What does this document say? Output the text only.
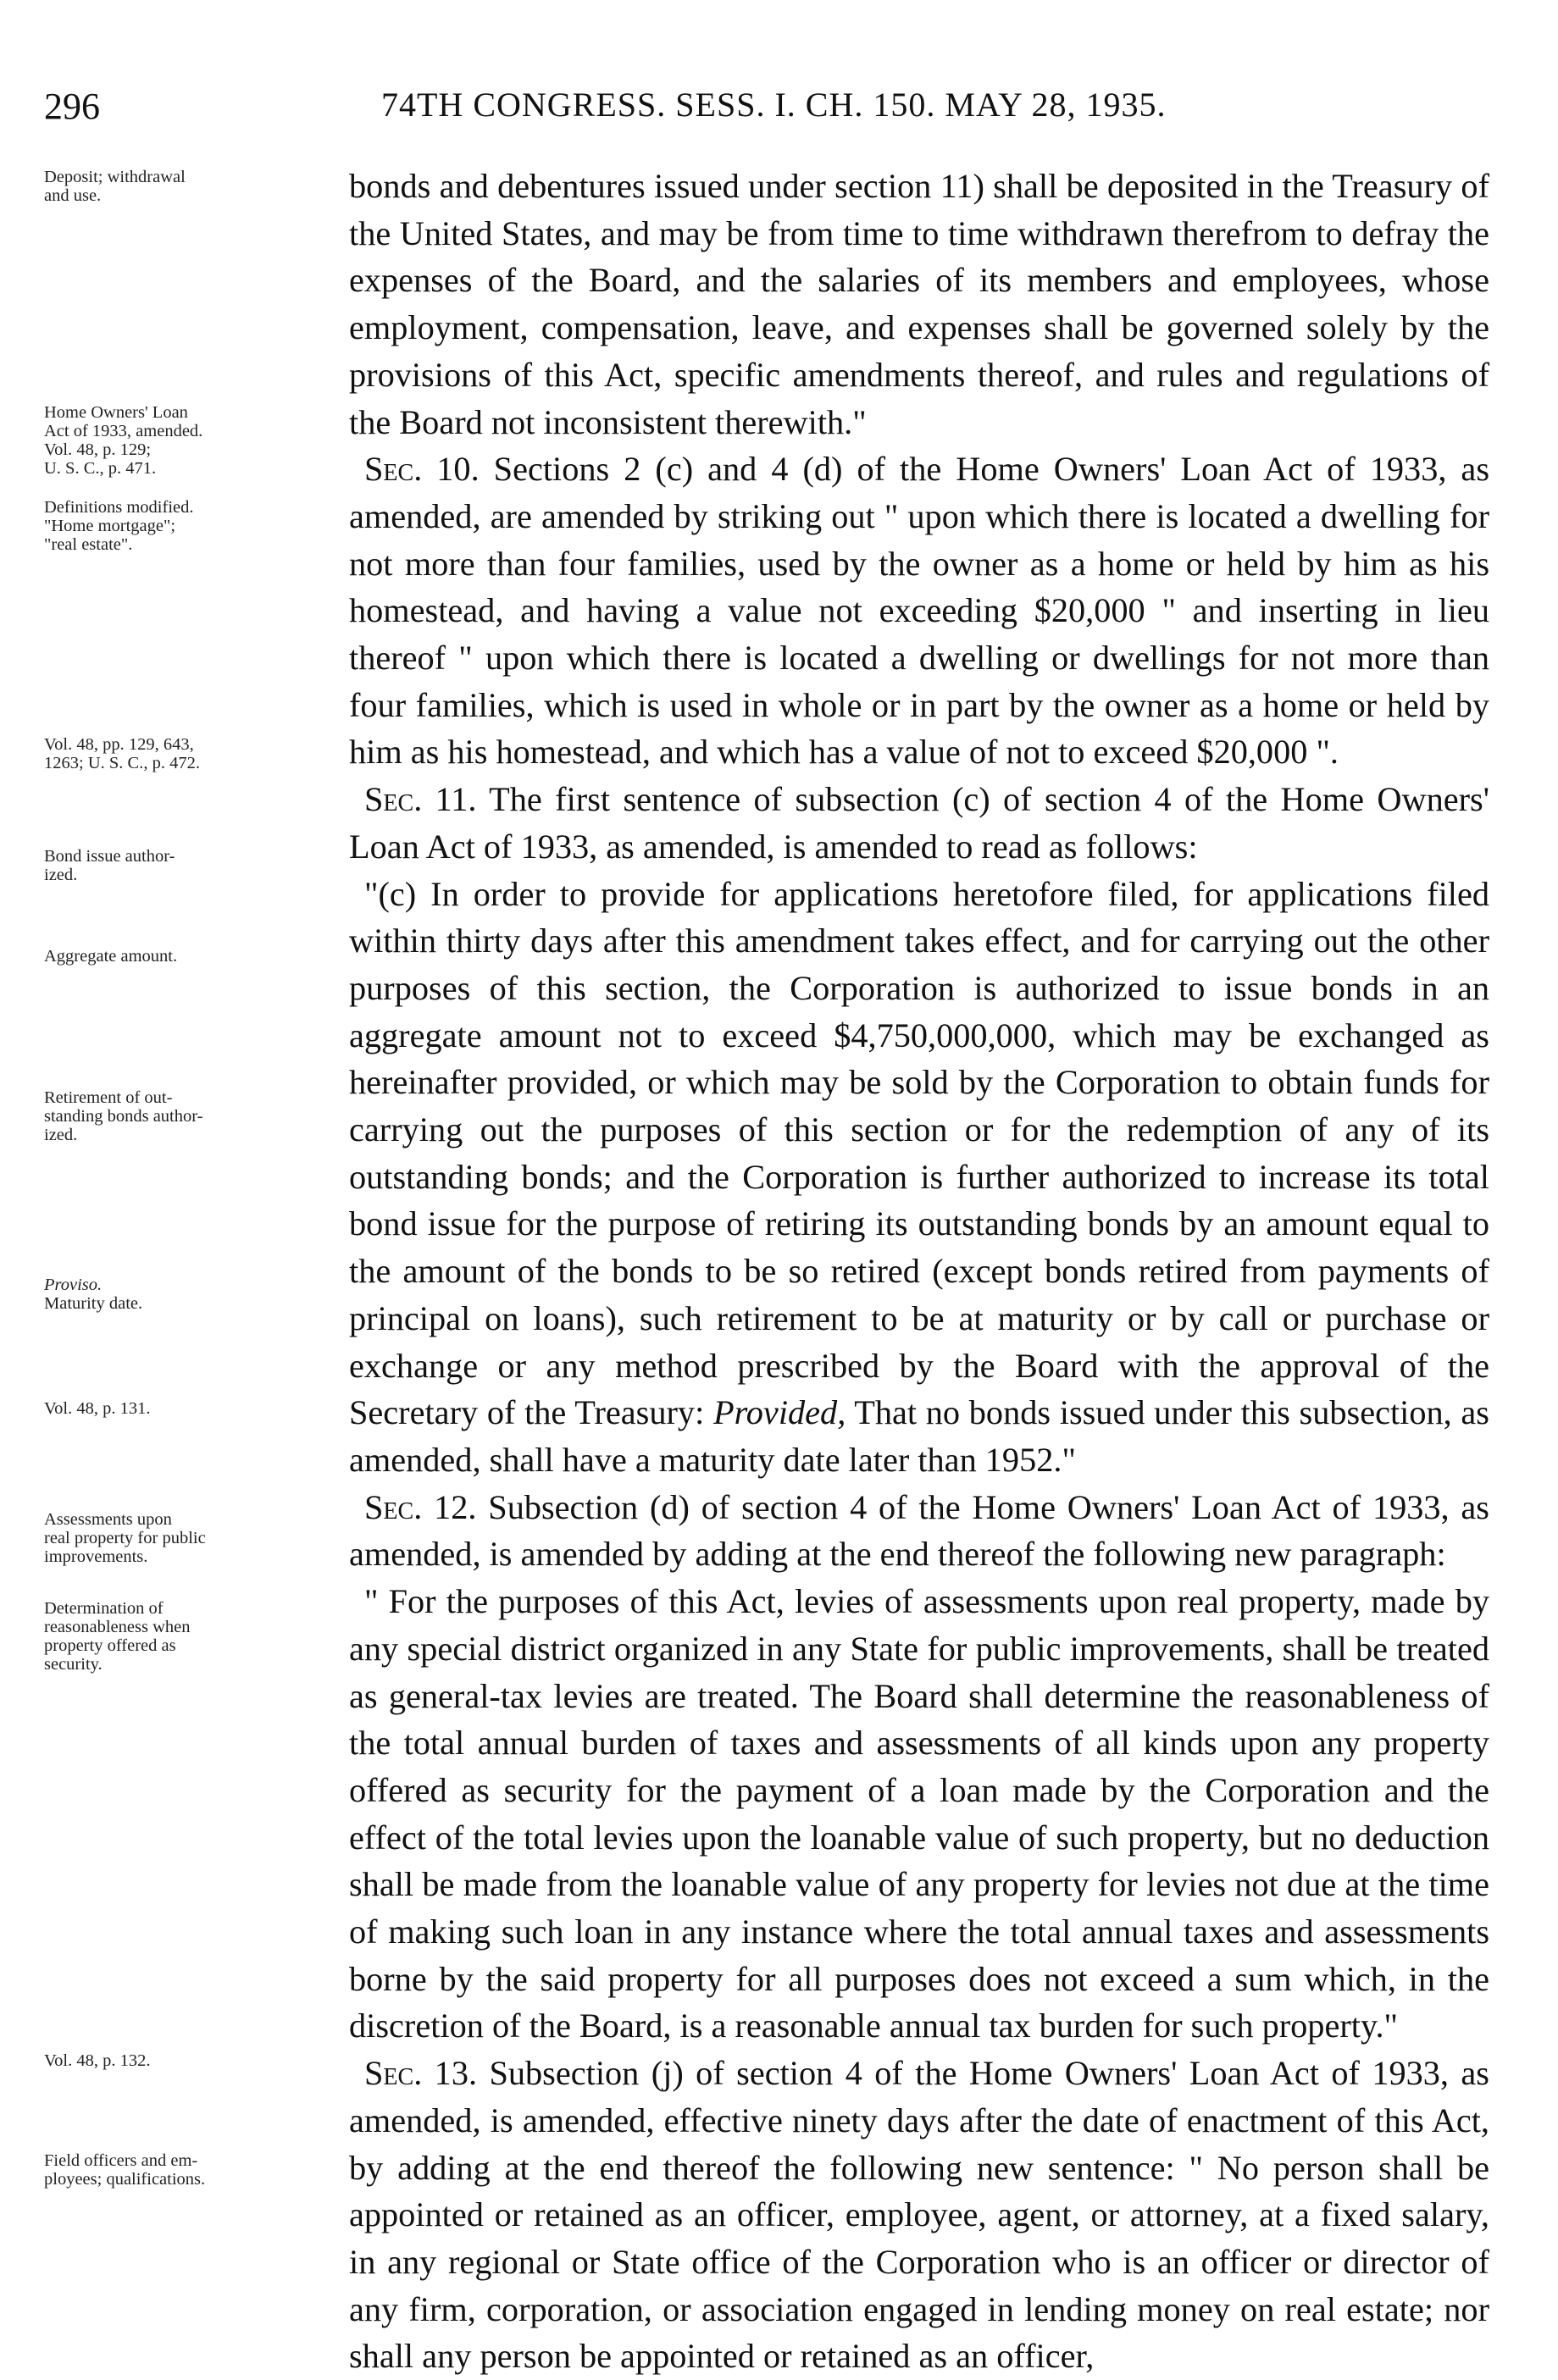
296	74TH CONGRESS. SESS. I. CH. 150. MAY 28, 1935.
Deposit; withdrawal
and use.
Home Owners' Loan
Act of 1933, amended.
Vol. 48, p. 129;
U. S. C., p. 471.
Definitions modified.
"Home mortgage";
"real estate".
Vol. 48, pp. 129, 643,
1263; U. S. C., p. 472.
Bond issue author-
ized.
Aggregate amount.
Retirement of out-
standing bonds author-
ized.
Proviso.
Maturity date.
Vol. 48, p. 131.
Assessments upon
real property for public
improvements.
Determination of
reasonableness when
property offered as
security.
Vol. 48, p. 132.
Field officers and em-
ployees; qualifications.

bonds and debentures issued under section 11) shall be deposited in the Treasury of the United States, and may be from time to time withdrawn therefrom to defray the expenses of the Board, and the salaries of its members and employees, whose employment, compensation, leave, and expenses shall be governed solely by the provisions of this Act, specific amendments thereof, and rules and regulations of the Board not inconsistent therewith."

Sec. 10. Sections 2 (c) and 4 (d) of the Home Owners' Loan Act of 1933, as amended, are amended by striking out " upon which there is located a dwelling for not more than four families, used by the owner as a home or held by him as his homestead, and having a value not exceeding $20,000 " and inserting in lieu thereof " upon which there is located a dwelling or dwellings for not more than four families, which is used in whole or in part by the owner as a home or held by him as his homestead, and which has a value of not to exceed $20,000 ".

Sec. 11. The first sentence of subsection (c) of section 4 of the Home Owners' Loan Act of 1933, as amended, is amended to read as follows:

"(c) In order to provide for applications heretofore filed, for applications filed within thirty days after this amendment takes effect, and for carrying out the other purposes of this section, the Corporation is authorized to issue bonds in an aggregate amount not to exceed $4,750,000,000, which may be exchanged as hereinafter provided, or which may be sold by the Corporation to obtain funds for carrying out the purposes of this section or for the redemption of any of its outstanding bonds; and the Corporation is further authorized to increase its total bond issue for the purpose of retiring its outstanding bonds by an amount equal to the amount of the bonds to be so retired (except bonds retired from payments of principal on loans), such retirement to be at maturity or by call or purchase or exchange or any method prescribed by the Board with the approval of the Secretary of the Treasury: Provided, That no bonds issued under this subsection, as amended, shall have a maturity date later than 1952."

Sec. 12. Subsection (d) of section 4 of the Home Owners' Loan Act of 1933, as amended, is amended by adding at the end thereof the following new paragraph:

" For the purposes of this Act, levies of assessments upon real property, made by any special district organized in any State for public improvements, shall be treated as general-tax levies are treated. The Board shall determine the reasonableness of the total annual burden of taxes and assessments of all kinds upon any property offered as security for the payment of a loan made by the Corporation and the effect of the total levies upon the loanable value of such property, but no deduction shall be made from the loanable value of any property for levies not due at the time of making such loan in any instance where the total annual taxes and assessments borne by the said property for all purposes does not exceed a sum which, in the discretion of the Board, is a reasonable annual tax burden for such property."

Sec. 13. Subsection (j) of section 4 of the Home Owners' Loan Act of 1933, as amended, is amended, effective ninety days after the date of enactment of this Act, by adding at the end thereof the following new sentence: " No person shall be appointed or retained as an officer, employee, agent, or attorney, at a fixed salary, in any regional or State office of the Corporation who is an officer or director of any firm, corporation, or association engaged in lending money on real estate; nor shall any person be appointed or retained as an officer,
